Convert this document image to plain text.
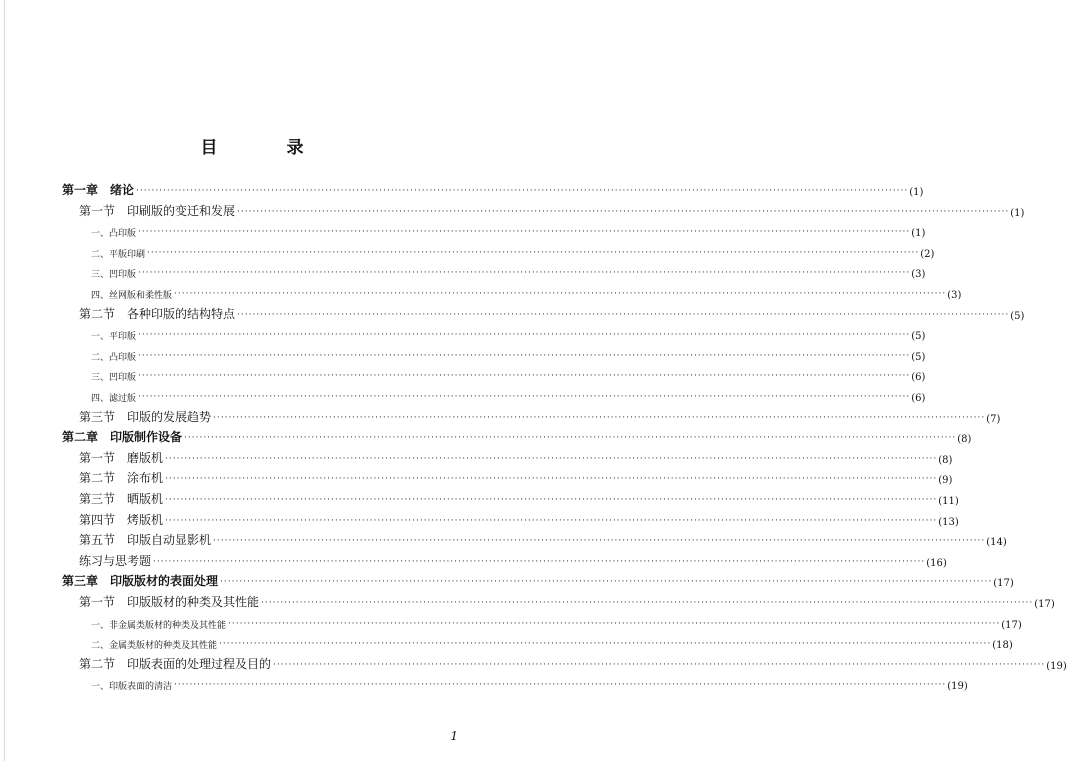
目　录
第一章　绪论 ········································································································································································································ (1)
第一节　印刷版的变迁和发展 ········································································································································································································ (1)
一、凸印版 ········································································································································································································ (1)
二、平版印刷 ········································································································································································································ (2)
三、凹印版 ········································································································································································································ (3)
四、丝网版和柔性版 ········································································································································································································ (3)
第二节　各种印版的结构特点 ········································································································································································································ (5)
一、平印版 ········································································································································································································ (5)
二、凸印版 ········································································································································································································ (5)
三、凹印版 ········································································································································································································ (6)
四、滤过版 ········································································································································································································ (6)
第三节　印版的发展趋势 ········································································································································································································ (7)
第二章　印版制作设备 ········································································································································································································ (8)
第一节　磨版机 ········································································································································································································ (8)
第二节　涂布机 ········································································································································································································ (9)
第三节　晒版机 ········································································································································································································ (11)
第四节　烤版机 ········································································································································································································ (13)
第五节　印版自动显影机 ········································································································································································································ (14)
练习与思考题 ········································································································································································································ (16)
第三章　印版版材的表面处理 ········································································································································································································ (17)
第一节　印版版材的种类及其性能 ········································································································································································································ (17)
一、非金属类版材的种类及其性能 ········································································································································································································ (17)
二、金属类版材的种类及其性能 ········································································································································································································ (18)
第二节　印版表面的处理过程及目的 ········································································································································································································ (19)
一、印版表面的清洁 ········································································································································································································ (19)
1
